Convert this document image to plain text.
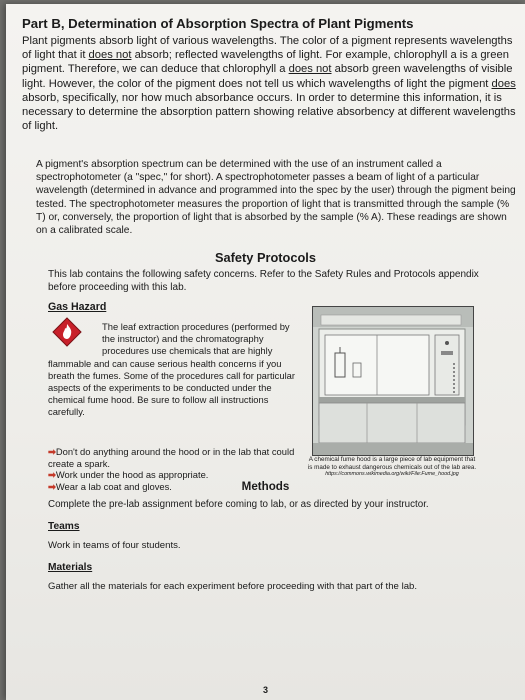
Part B, Determination of Absorption Spectra of Plant Pigments
Plant pigments absorb light of various wavelengths. The color of a pigment represents wavelengths of light that it does not absorb; reflected wavelengths of light. For example, chlorophyll a is a green pigment. Therefore, we can deduce that chlorophyll a does not absorb green wavelengths of visible light. However, the color of the pigment does not tell us which wavelengths of light the pigment does absorb, specifically, nor how much absorbance occurs. In order to determine this information, it is necessary to determine the absorption pattern showing relative absorbency at different wavelengths of light.
A pigment's absorption spectrum can be determined with the use of an instrument called a spectrophotometer (a "spec," for short). A spectrophotometer passes a beam of light of a particular wavelength (determined in advance and programmed into the spec by the user) through the pigment being tested. The spectrophotometer measures the proportion of light that is transmitted through the sample (% T) or, conversely, the proportion of light that is absorbed by the sample (% A). These readings are shown on a calibrated scale.
Safety Protocols
This lab contains the following safety concerns. Refer to the Safety Rules and Protocols appendix before proceeding with this lab.
Gas Hazard
The leaf extraction procedures (performed by the instructor) and the chromatography procedures use chemicals that are highly
flammable and can cause serious health concerns if you breath the fumes. Some of the procedures call for particular aspects of the experiments to be conducted under the chemical fume hood. Be sure to follow all instructions carefully.
➡Don't do anything around the hood or in the lab that could create a spark.
➡Work under the hood as appropriate.
➡Wear a lab coat and gloves.
A chemical fume hood is a large piece of lab equipment that is made to exhaust dangerous chemicals out of the lab area.
https://commons.wikimedia.org/wiki/File:Fume_hood.jpg
Methods
Complete the pre-lab assignment before coming to lab, or as directed by your instructor.
Teams
Work in teams of four students.
Materials
Gather all the materials for each experiment before proceeding with that part of the lab.
3
